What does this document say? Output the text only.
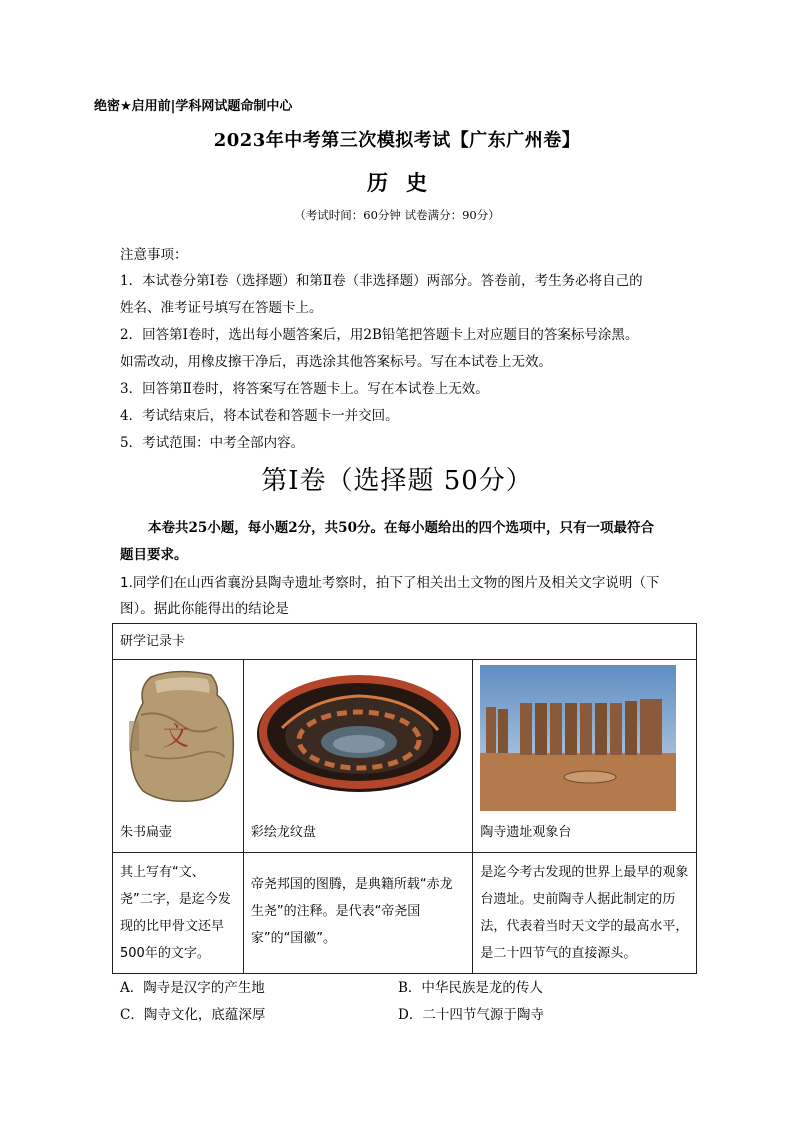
绝密★启用前|学科网试题命制中心
2023年中考第三次模拟考试【广东广州卷】
历史
（考试时间：60分钟 试卷满分：90分）
注意事项：
1．本试卷分第Ⅰ卷（选择题）和第Ⅱ卷（非选择题）两部分。答卷前，考生务必将自己的
姓名、准考证号填写在答题卡上。
2．回答第Ⅰ卷时，选出每小题答案后，用2B铅笔把答题卡上对应题目的答案标号涂黑。
如需改动，用橡皮擦干净后，再选涂其他答案标号。写在本试卷上无效。
3．回答第Ⅱ卷时，将答案写在答题卡上。写在本试卷上无效。
4．考试结束后，将本试卷和答题卡一并交回。
5．考试范围：中考全部内容。
第Ⅰ卷（选择题 50分）
本卷共25小题，每小题2分，共50分。在每小题给出的四个选项中，只有一项最符合
题目要求。
1.同学们在山西省襄汾县陶寺遗址考察时，拍下了相关出土文物的图片及相关文字说明（下
图）。据此你能得出的结论是
研学记录卡		

文
朱书扁壶	彩绘龙纹盘	陶寺遗址观象台

其上写有“文、尧”二字，是迄今发现的比甲骨文还早500年的文字。	帝尧邦国的图腾，是典籍所载“赤龙生尧”的注释。是代表“帝尧国家”的“国徽”。	是迄今考古发现的世界上最早的观象台遗址。史前陶寺人据此制定的历法，代表着当时天文学的最高水平，是二十四节气的直接源头。
A．陶寺是汉字的产生地	B．中华民族是龙的传人
C．陶寺文化，底蕴深厚	D．二十四节气源于陶寺
